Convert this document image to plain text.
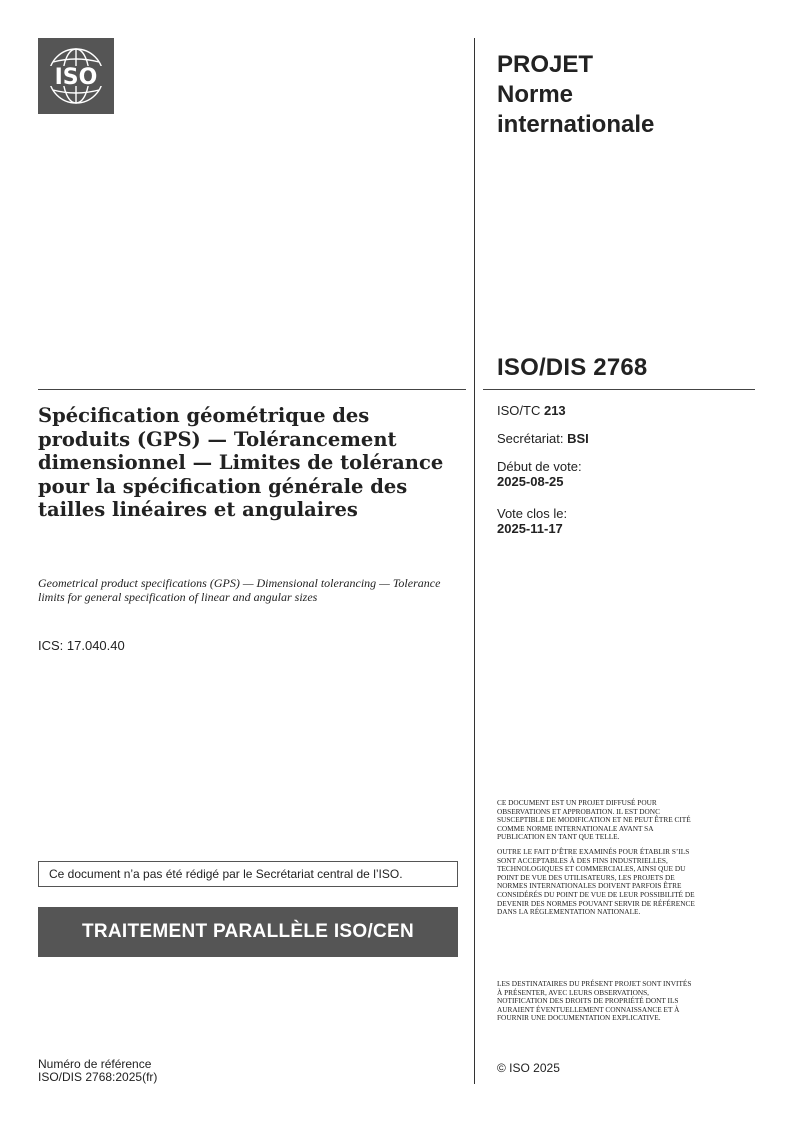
ISO	PROJET
Norme
internationale
ISO/DIS 2768
ISO/TC 213
Secrétariat: BSI
Début de vote:
2025-08-25
Vote clos le:
2025-11-17
Spécification géométrique des produits (GPS) — Tolérancement dimensionnel — Limites de tolérance pour la spécification générale des tailles linéaires et angulaires
Geometrical product specifications (GPS) — Dimensional tolerancing — Tolerance limits for general specification of linear and angular sizes
ICS: 17.040.40
Ce document n’a pas été rédigé par le Secrétariat central de l’ISO.
TRAITEMENT PARALLÈLE ISO/CEN
Numéro de référence
ISO/DIS 2768:2025(fr)
CE DOCUMENT EST UN PROJET DIFFUSÉ POUR OBSERVATIONS ET APPROBATION. IL EST DONC SUSCEPTIBLE DE MODIFICATION ET NE PEUT ÊTRE CITÉ COMME NORME INTERNATIONALE AVANT SA PUBLICATION EN TANT QUE TELLE.
OUTRE LE FAIT D’ÊTRE EXAMINÉS POUR ÉTABLIR S’ILS SONT ACCEPTABLES À DES FINS INDUSTRIELLES, TECHNOLOGIQUES ET COMMERCIALES, AINSI QUE DU POINT DE VUE DES UTILISATEURS, LES PROJETS DE NORMES INTERNATIONALES DOIVENT PARFOIS ÊTRE CONSIDÉRÉS DU POINT DE VUE DE LEUR POSSIBILITÉ DE DEVENIR DES NORMES POUVANT SERVIR DE RÉFÉRENCE DANS LA RÉGLEMENTATION NATIONALE.
LES DESTINATAIRES DU PRÉSENT PROJET SONT INVITÉS À PRÉSENTER, AVEC LEURS OBSERVATIONS, NOTIFICATION DES DROITS DE PROPRIÉTÉ DONT ILS AURAIENT ÉVENTUELLEMENT CONNAISSANCE ET À FOURNIR UNE DOCUMENTATION EXPLICATIVE.
© ISO 2025
